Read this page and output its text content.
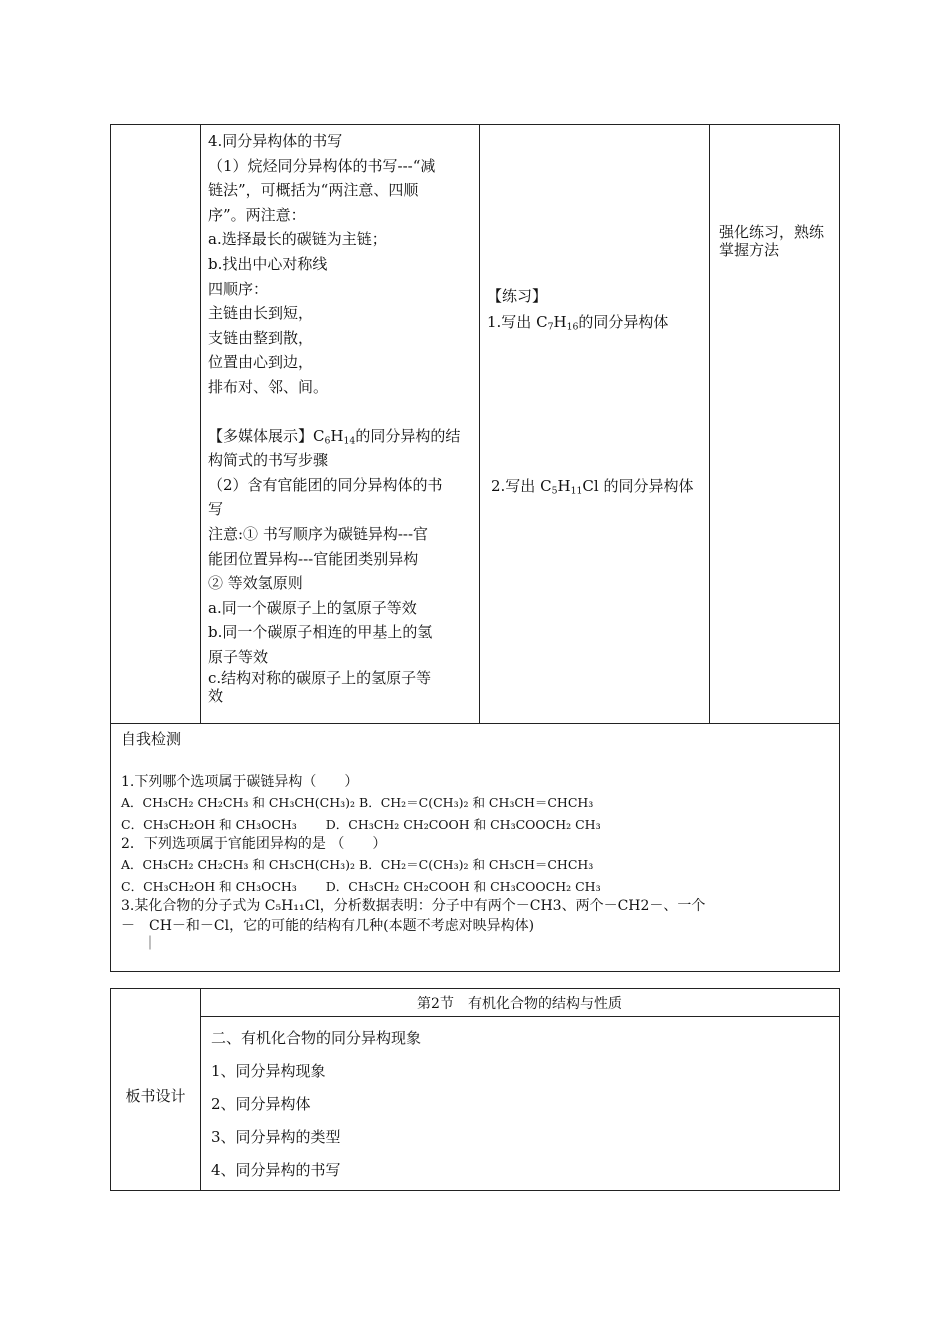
4.同分异构体的书写
（1）烷烃同分异构体的书写---“减
链法”，可概括为“两注意、四顺
序”。两注意：
a.选择最长的碳链为主链；
b.找出中心对称线
四顺序：
主链由长到短，
支链由整到散，
位置由心到边，
排布对、邻、间。
【多媒体展示】$C_6H_{14}$的同分异构的结
构简式的书写步骤
（2）含有官能团的同分异构体的书
写
注意:① 书写顺序为碳链异构---官
能团位置异构---官能团类别异构
② 等效氢原则
a.同一个碳原子上的氢原子等效
b.同一个碳原子相连的甲基上的氢
原子等效
c.结构对称的碳原子上的氢原子等
效
【练习】
1.写出 $C_7H_{16}$的同分异构体
2.写出 $C_5H_{11}Cl$ 的同分异构体
强化练习，熟练掌握方法
自我检测
1.下列哪个选项属于碳链异构（　　）
A．CH₃CH₂ CH₂CH₃ 和 CH₃CH(CH₃)₂ B．CH₂＝C(CH₃)₂ 和 CH₃CH＝CHCH₃
C．CH₃CH₂OH 和 CH₃OCH₃　　 D．CH₃CH₂ CH₂COOH 和 CH₃COOCH₂ CH₃
2．下列选项属于官能团异构的是 （　　）
A．CH₃CH₂ CH₂CH₃ 和 CH₃CH(CH₃)₂ B．CH₂＝C(CH₃)₂ 和 CH₃CH＝CHCH₃
C．CH₃CH₂OH 和 CH₃OCH₃　　 D．CH₃CH₂ CH₂COOH 和 CH₃COOCH₂ CH₃
3.某化合物的分子式为 C₅H₁₁Cl，分析数据表明：分子中有两个－CH3、两个－CH2－、一个
－　CH－和－Cl，它的可能的结构有几种(本题不考虑对映异构体)
｜
板书设计
第2节　有机化合物的结构与性质
二、有机化合物的同分异构现象
1、同分异构现象
2、同分异构体
3、同分异构的类型
4、同分异构的书写
